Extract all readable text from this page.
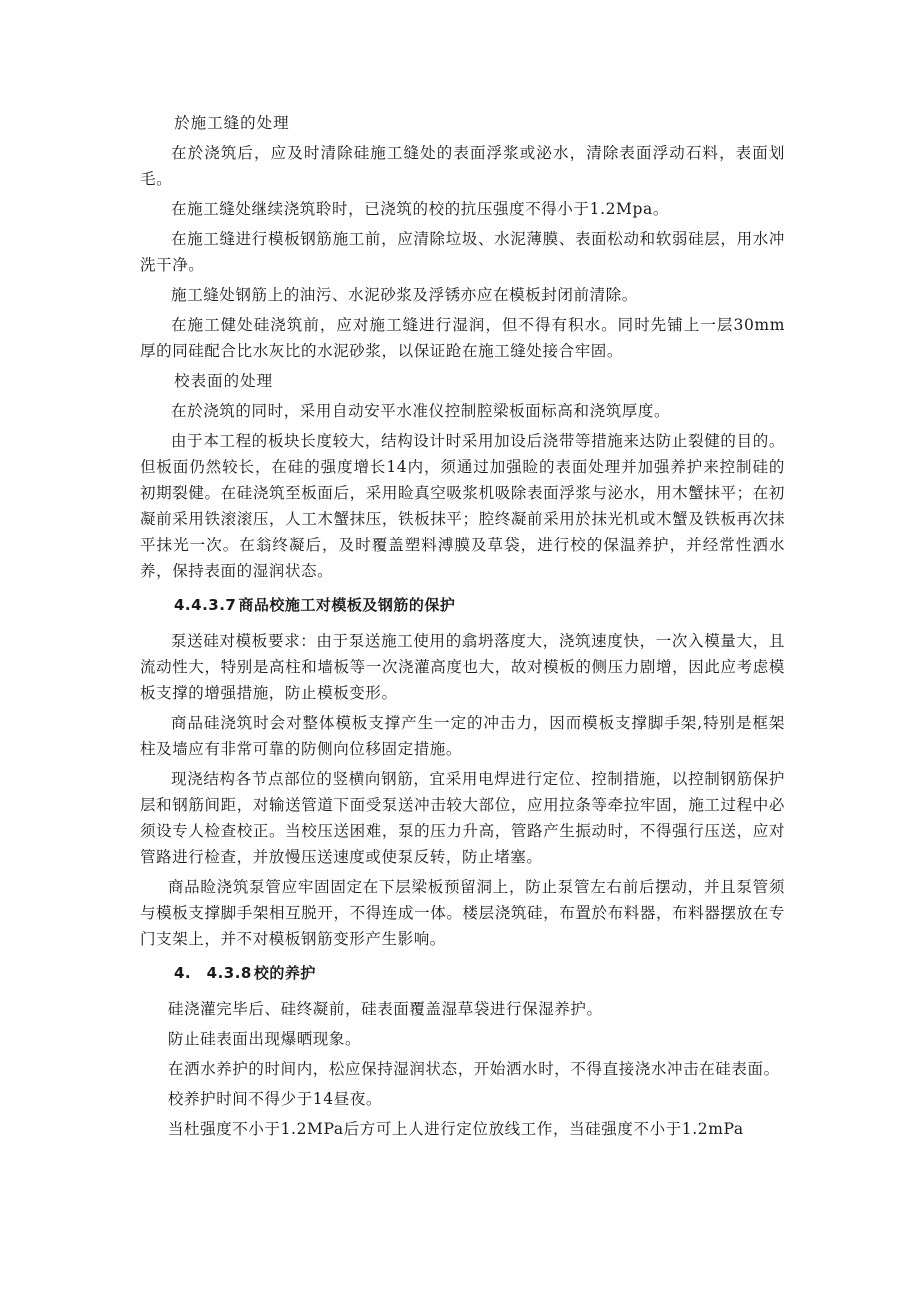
於施工缝的处理

在於浇筑后，应及时清除硅施工缝处的表面浮浆或泌水，清除表面浮动石料，表面划毛。

在施工缝处继续浇筑聆时，已浇筑的校的抗压强度不得小于1.2Mpa。

在施工缝进行模板钢筋施工前，应清除垃圾、水泥薄膜、表面松动和软弱硅层，用水冲洗干净。

施工缝处钢筋上的油污、水泥砂浆及浮锈亦应在模板封闭前清除。

在施工健处硅浇筑前，应对施工缝进行湿润，但不得有积水。同时先铺上一层30mm厚的同硅配合比水灰比的水泥砂浆，以保证跄在施工缝处接合牢固。

校表面的处理

在於浇筑的同时，采用自动安平水准仪控制腔梁板面标高和浇筑厚度。

由于本工程的板块长度较大，结构设计时采用加设后浇带等措施来达防止裂健的目的。但板面仍然较长，在硅的强度增长14内，须通过加强睑的表面处理并加强养护来控制硅的初期裂健。在硅浇筑至板面后，采用睑真空吸浆机吸除表面浮浆与泌水，用木蟹抹平；在初凝前采用铁滚滚压，人工木蟹抹压，铁板抹平；腔终凝前采用於抹光机或木蟹及铁板再次抹平抹光一次。在翁终凝后，及时覆盖塑料溥膜及草袋，进行校的保温养护，并经常性洒水养，保持表面的湿润状态。

4.4.3.7 商品校施工对模板及钢筋的保护

泵送硅对模板要求：由于泵送施工使用的翕坍落度大，浇筑速度快，一次入模量大，且流动性大，特别是高柱和墙板等一次浇灌高度也大，故对模板的侧压力剧增，因此应考虑模板支撑的增强措施，防止模板变形。

商品硅浇筑时会对整体模板支撑产生一定的冲击力，因而模板支撑脚手架,特别是框架柱及墙应有非常可靠的防侧向位移固定措施。

现浇结构各节点部位的竖横向钢筋，宜采用电焊进行定位、控制措施，以控制钢筋保护层和钢筋间距，对输送管道下面受泵送冲击较大部位，应用拉条等牵拉牢固，施工过程中必须设专人检查校正。当校压送困难，泵的压力升高，管路产生振动时，不得强行压送，应对管路进行检查，并放慢压送速度或使泵反转，防止堵塞。

商品睑浇筑泵管应牢固固定在下层梁板预留洞上，防止泵管左右前后摆动，并且泵管须与模板支撑脚手架相互脱开，不得连成一体。楼层浇筑硅，布置於布料器，布料器摆放在专门支架上，并不对模板钢筋变形产生影响。

4.　4.3.8 校的养护

硅浇灌完毕后、硅终凝前，硅表面覆盖湿草袋进行保湿养护。

防止硅表面出现爆晒现象。

在洒水养护的时间内，松应保持湿润状态，开始洒水时，不得直接浇水冲击在硅表面。

校养护时间不得少于14昼夜。

当杜强度不小于1.2MPa后方可上人进行定位放线工作，当硅强度不小于1.2mPa
